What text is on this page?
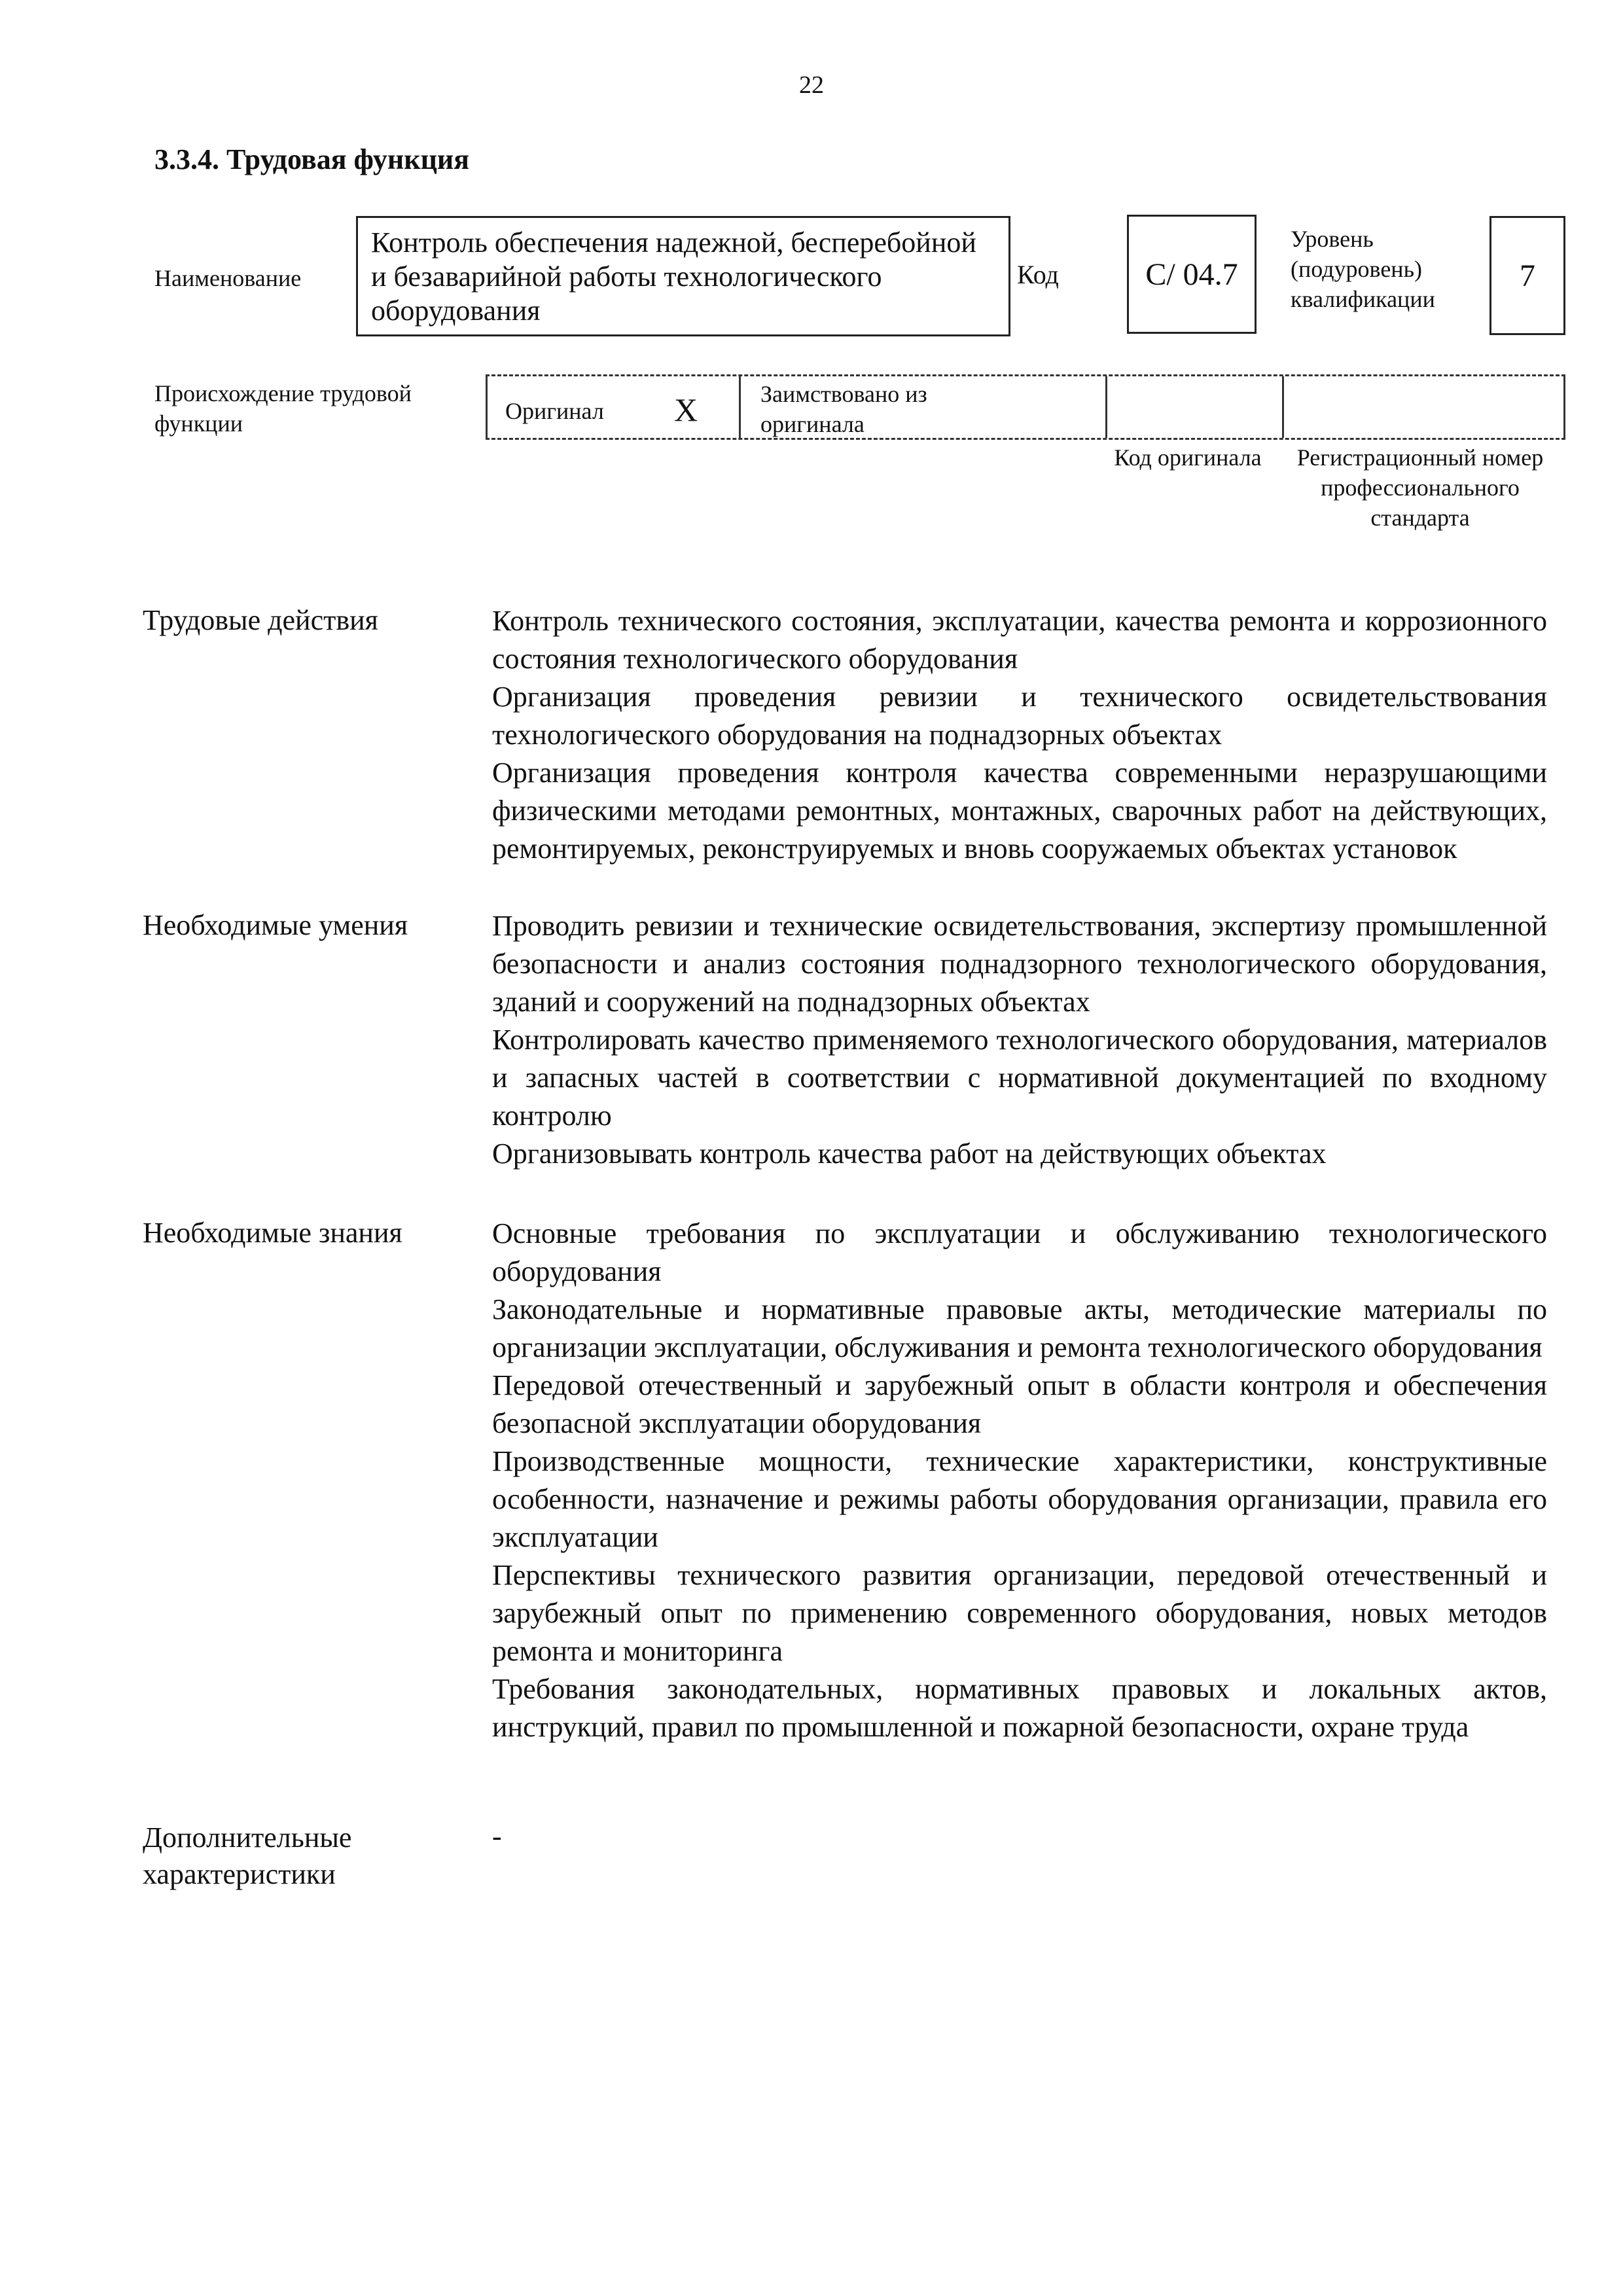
22
3.3.4. Трудовая функция
Наименование
Контроль обеспечения надежной, бесперебойной и безаварийной работы технологического оборудования
Код	C/ 04.7
Уровень (подуровень) квалификации
7
Происхождение трудовой функции	Оригинал X	Заимствовано из оригинала
Код оригинала	Регистрационный номер профессионального стандарта
Трудовые действия	Контроль технического состояния, эксплуатации, качества ремонта и коррозионного состояния технологического оборудования

Организация проведения ревизии и технического освидетельствования технологического оборудования на поднадзорных объектах

Организация проведения контроля качества современными неразрушающими физическими методами ремонтных, монтажных, сварочных работ на действующих, ремонтируемых, реконструируемых и вновь сооружаемых объектах установок

Необходимые умения	Проводить ревизии и технические освидетельствования, экспертизу промышленной безопасности и анализ состояния поднадзорного технологического оборудования, зданий и сооружений на поднадзорных объектах

Контролировать качество применяемого технологического оборудования, материалов и запасных частей в соответствии с нормативной документацией по входному контролю

Организовывать контроль качества работ на действующих объектах

Необходимые знания	Основные требования по эксплуатации и обслуживанию технологического оборудования

Законодательные и нормативные правовые акты, методические материалы по организации эксплуатации, обслуживания и ремонта технологического оборудования

Передовой отечественный и зарубежный опыт в области контроля и обеспечения безопасной эксплуатации оборудования

Производственные мощности, технические характеристики, конструктивные особенности, назначение и режимы работы оборудования организации, правила его эксплуатации

Перспективы технического развития организации, передовой отечественный и зарубежный опыт по применению современного оборудования, новых методов ремонта и мониторинга

Требования законодательных, нормативных правовых и локальных актов, инструкций, правил по промышленной и пожарной безопасности, охране труда

Дополнительные характеристики
-
